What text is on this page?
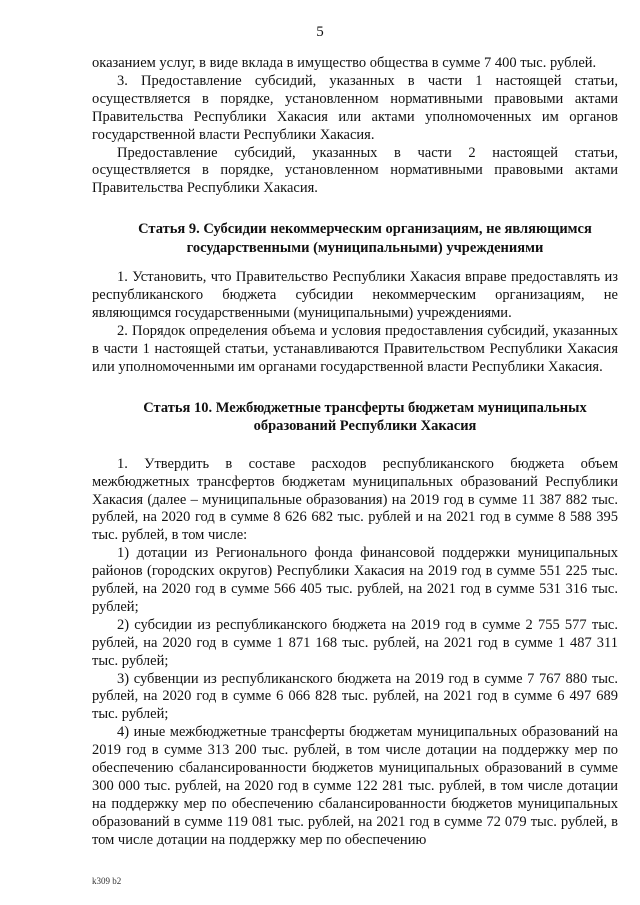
5

оказанием услуг, в виде вклада в имущество общества в сумме 7 400 тыс. рублей.

3. Предоставление субсидий, указанных в части 1 настоящей статьи, осуществляется в порядке, установленном нормативными правовыми актами Правительства Республики Хакасия или актами уполномоченных им органов государственной власти Республики Хакасия.

Предоставление субсидий, указанных в части 2 настоящей статьи, осуществляется в порядке, установленном нормативными правовыми актами Правительства Республики Хакасия.

Статья 9. Субсидии некоммерческим организациям, не являющимся государственными (муниципальными) учреждениями

1. Установить, что Правительство Республики Хакасия вправе предоставлять из республиканского бюджета субсидии некоммерческим организациям, не являющимся государственными (муниципальными) учреждениями.

2. Порядок определения объема и условия предоставления субсидий, указанных в части 1 настоящей статьи, устанавливаются Правительством Республики Хакасия или уполномоченными им органами государственной власти Республики Хакасия.

Статья 10. Межбюджетные трансферты бюджетам муниципальных образований Республики Хакасия

1. Утвердить в составе расходов республиканского бюджета объем межбюджетных трансфертов бюджетам муниципальных образований Республики Хакасия (далее – муниципальные образования) на 2019 год в сумме 11 387 882 тыс. рублей, на 2020 год в сумме 8 626 682 тыс. рублей и на 2021 год в сумме 8 588 395 тыс. рублей, в том числе:

1) дотации из Регионального фонда финансовой поддержки муниципальных районов (городских округов) Республики Хакасия на 2019 год в сумме 551 225 тыс. рублей, на 2020 год в сумме 566 405 тыс. рублей, на 2021 год в сумме 531 316 тыс. рублей;

2) субсидии из республиканского бюджета на 2019 год в сумме 2 755 577 тыс. рублей, на 2020 год в сумме 1 871 168 тыс. рублей, на 2021 год в сумме 1 487 311 тыс. рублей;

3) субвенции из республиканского бюджета на 2019 год в сумме 7 767 880 тыс. рублей, на 2020 год в сумме 6 066 828 тыс. рублей, на 2021 год в сумме 6 497 689 тыс. рублей;

4) иные межбюджетные трансферты бюджетам муниципальных образований на 2019 год в сумме 313 200 тыс. рублей, в том числе дотации на поддержку мер по обеспечению сбалансированности бюджетов муниципальных образований в сумме 300 000 тыс. рублей, на 2020 год в сумме 122 281 тыс. рублей, в том числе дотации на поддержку мер по обеспечению сбалансированности бюджетов муниципальных образований в сумме 119 081 тыс. рублей, на 2021 год в сумме 72 079 тыс. рублей, в том числе дотации на поддержку мер по обеспечению

k309 b2
